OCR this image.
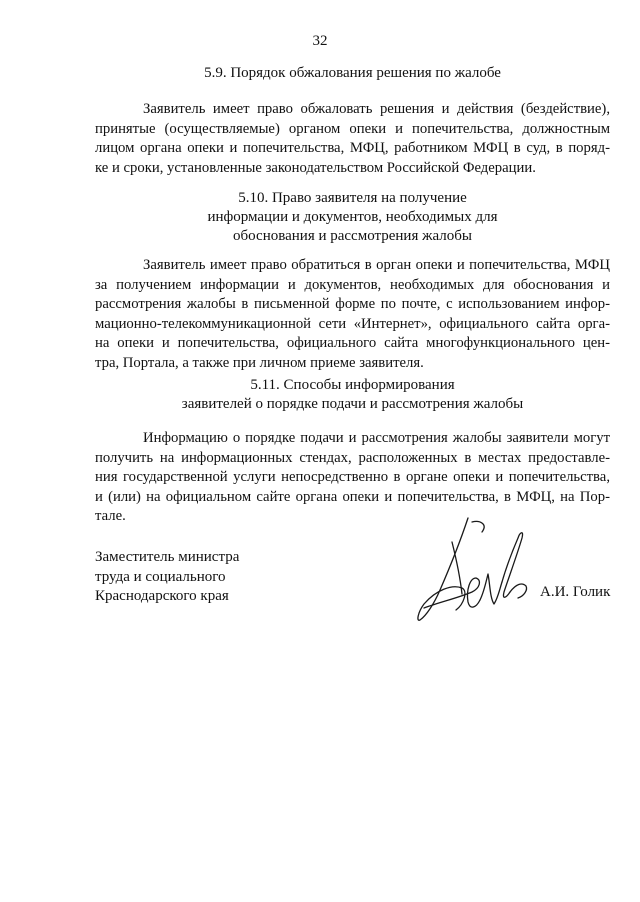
32
5.9. Порядок обжалования решения по жалобе
Заявитель имеет право обжаловать решения и действия (бездействие),
принятые (осуществляемые) органом опеки и попечительства, должностным
лицом органа опеки и попечительства, МФЦ, работником МФЦ в суд, в поряд-
ке и сроки, установленные законодательством Российской Федерации.
5.10. Право заявителя на получение
информации и документов, необходимых для
обоснования и рассмотрения жалобы
Заявитель имеет право обратиться в орган опеки и попечительства, МФЦ
за получением информации и документов, необходимых для обоснования и
рассмотрения жалобы в письменной форме по почте, с использованием инфор-
мационно-телекоммуникационной сети «Интернет», официального сайта орга-
на опеки и попечительства, официального сайта многофункционального цен-
тра, Портала, а также при личном приеме заявителя.
5.11. Способы информирования
заявителей о порядке подачи и рассмотрения жалобы
Информацию о порядке подачи и рассмотрения жалобы заявители могут
получить на информационных стендах, расположенных в местах предоставле-
ния государственной услуги непосредственно в органе опеки и попечительства,
и (или) на официальном сайте органа опеки и попечительства, в МФЦ, на Пор-
тале.
Заместитель министра
труда и социального
Краснодарского края	А.И. Голик
